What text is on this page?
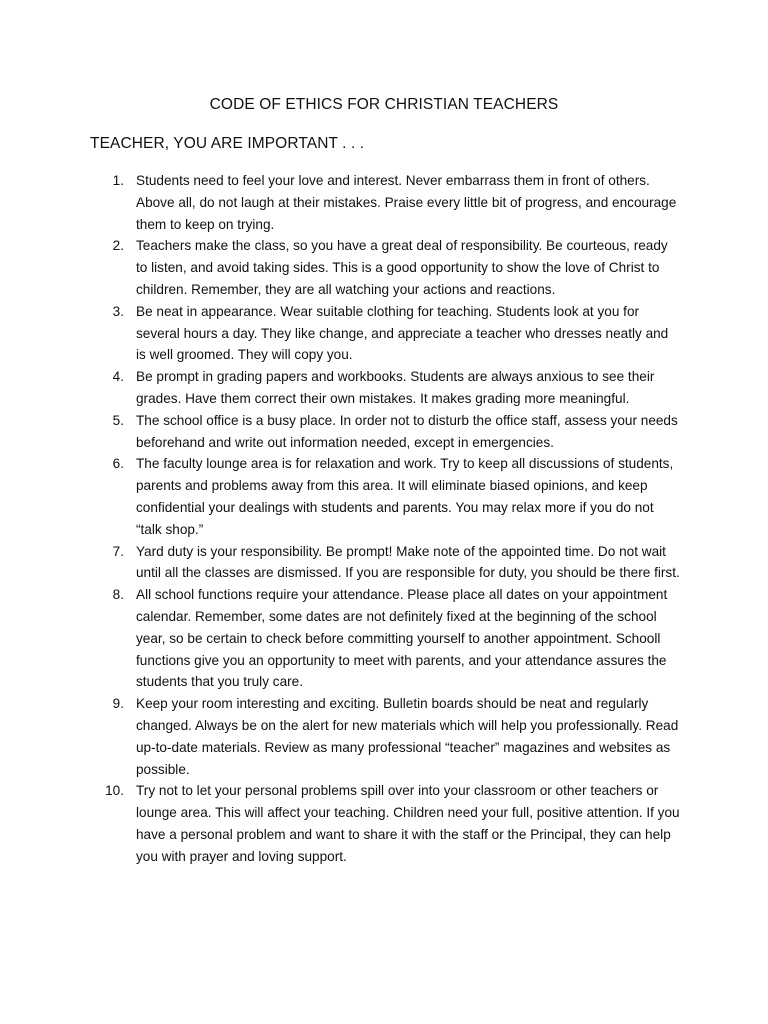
CODE OF ETHICS FOR CHRISTIAN TEACHERS
TEACHER, YOU ARE IMPORTANT . . .
1. Students need to feel your love and interest. Never embarrass them in front of others. Above all, do not laugh at their mistakes. Praise every little bit of progress, and encourage them to keep on trying.
2. Teachers make the class, so you have a great deal of responsibility. Be courteous, ready to listen, and avoid taking sides. This is a good opportunity to show the love of Christ to children. Remember, they are all watching your actions and reactions.
3. Be neat in appearance. Wear suitable clothing for teaching. Students look at you for several hours a day. They like change, and appreciate a teacher who dresses neatly and is well groomed. They will copy you.
4. Be prompt in grading papers and workbooks. Students are always anxious to see their grades. Have them correct their own mistakes. It makes grading more meaningful.
5. The school office is a busy place. In order not to disturb the office staff, assess your needs beforehand and write out information needed, except in emergencies.
6. The faculty lounge area is for relaxation and work. Try to keep all discussions of students, parents and problems away from this area. It will eliminate biased opinions, and keep confidential your dealings with students and parents. You may relax more if you do not “talk shop.”
7. Yard duty is your responsibility. Be prompt! Make note of the appointed time. Do not wait until all the classes are dismissed. If you are responsible for duty, you should be there first.
8. All school functions require your attendance. Please place all dates on your appointment calendar. Remember, some dates are not definitely fixed at the beginning of the school year, so be certain to check before committing yourself to another appointment. Schooll functions give you an opportunity to meet with parents, and your attendance assures the students that you truly care.
9. Keep your room interesting and exciting. Bulletin boards should be neat and regularly changed. Always be on the alert for new materials which will help you professionally. Read up-to-date materials. Review as many professional “teacher” magazines and websites as possible.
10. Try not to let your personal problems spill over into your classroom or other teachers or lounge area. This will affect your teaching. Children need your full, positive attention. If you have a personal problem and want to share it with the staff or the Principal, they can help you with prayer and loving support.
